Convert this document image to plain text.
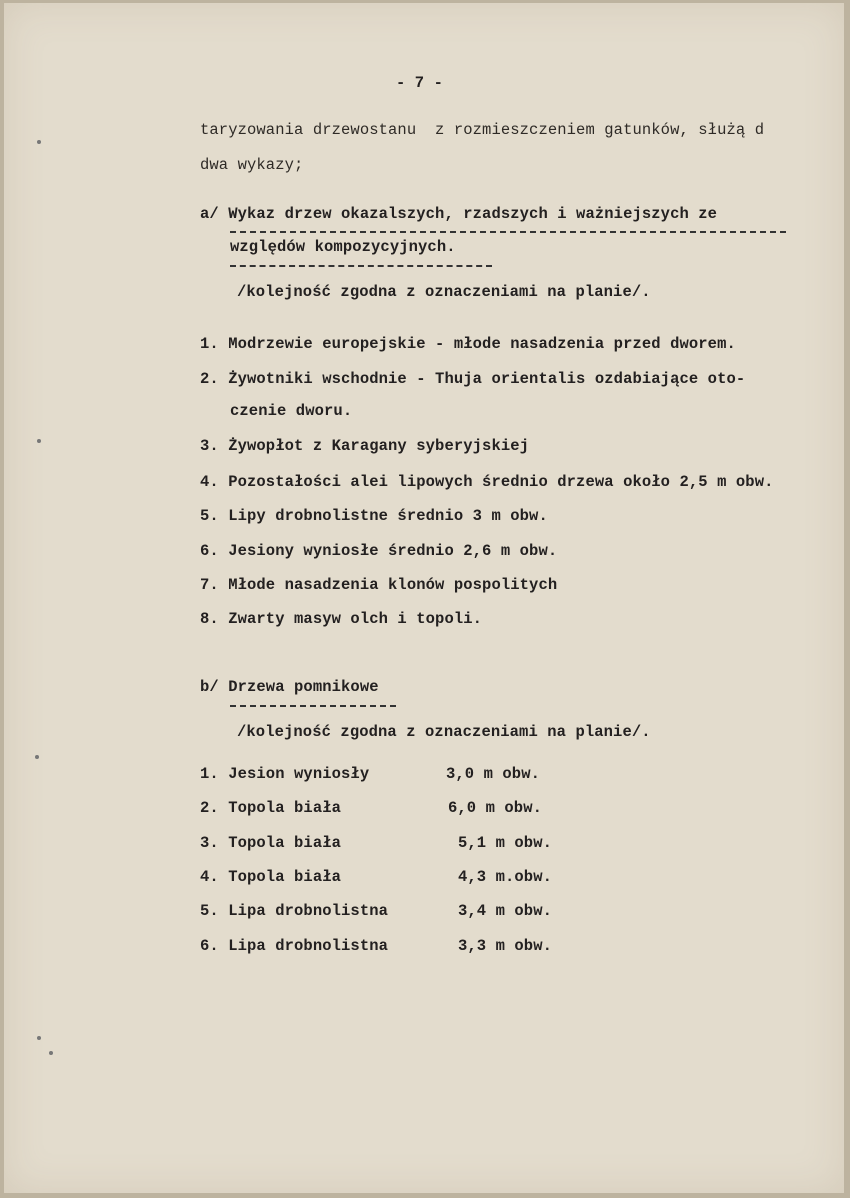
- 7 -
taryzowania drzewostanu  z rozmieszczeniem gatunków, służą d
dwa wykazy;
a/ Wykaz drzew okazalszych, rzadszych i ważniejszych ze
względów kompozycyjnych.
/kolejność zgodna z oznaczeniami na planie/.
1. Modrzewie europejskie - młode nasadzenia przed dworem.
2. Żywotniki wschodnie - Thuja orientalis ozdabiające oto-
czenie dworu.
3. Żywopłot z Karagany syberyjskiej
4. Pozostałości alei lipowych średnio drzewa około 2,5 m obw.
5. Lipy drobnolistne średnio 3 m obw.
6. Jesiony wyniosłe średnio 2,6 m obw.
7. Młode nasadzenia klonów pospolitych
8. Zwarty masyw olch i topoli.
b/ Drzewa pomnikowe
/kolejność zgodna z oznaczeniami na planie/.
1. Jesion wyniosły	3,0 m obw.
2. Topola biała	6,0 m obw.
3. Topola biała	5,1 m obw.
4. Topola biała	4,3 m.obw.
5. Lipa drobnolistna	3,4 m obw.
6. Lipa drobnolistna	3,3 m obw.
